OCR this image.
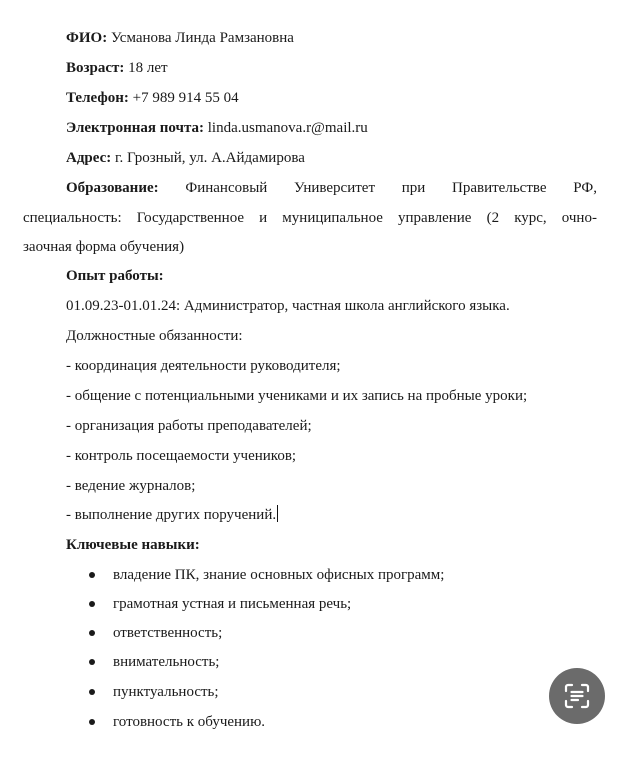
ФИО: Усманова Линда Рамзановна
Возраст: 18 лет
Телефон: +7 989 914 55 04
Электронная почта: linda.usmanova.r@mail.ru
Адрес: г. Грозный, ул. А.Айдамирова
Образование: Финансовый Университет при Правительстве РФ,
специальность: Государственное и муниципальное управление (2 курс, очно-
заочная форма обучения)
Опыт работы:
01.09.23-01.01.24: Администратор, частная школа английского языка.
Должностные обязанности:
- координация деятельности руководителя;
- общение с потенциальными учениками и их запись на пробные уроки;
- организация работы преподавателей;
- контроль посещаемости учеников;
- ведение журналов;
- выполнение других поручений.
Ключевые навыки:
владение ПК, знание основных офисных программ;
грамотная устная и письменная речь;
ответственность;
внимательность;
пунктуальность;
готовность к обучению.
